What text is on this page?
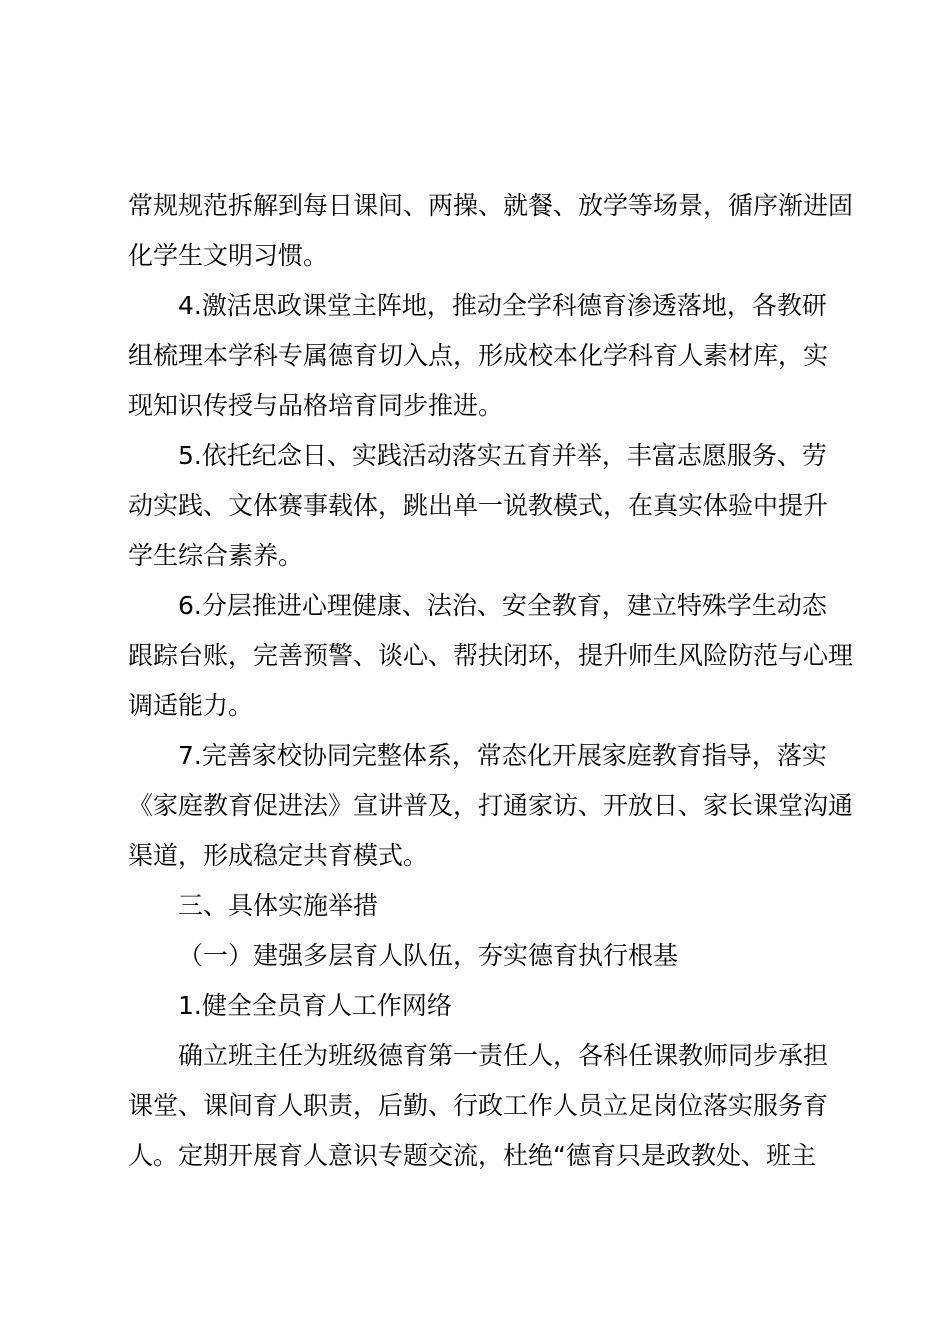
常规规范拆解到每日课间、两操、就餐、放学等场景，循序渐进固
化学生文明习惯。
4.激活思政课堂主阵地，推动全学科德育渗透落地，各教研
组梳理本学科专属德育切入点，形成校本化学科育人素材库，实
现知识传授与品格培育同步推进。
5.依托纪念日、实践活动落实五育并举，丰富志愿服务、劳
动实践、文体赛事载体，跳出单一说教模式，在真实体验中提升
学生综合素养。
6.分层推进心理健康、法治、安全教育，建立特殊学生动态
跟踪台账，完善预警、谈心、帮扶闭环，提升师生风险防范与心理
调适能力。
7.完善家校协同完整体系，常态化开展家庭教育指导，落实
《家庭教育促进法》宣讲普及，打通家访、开放日、家长课堂沟通
渠道，形成稳定共育模式。
三、具体实施举措
（一）建强多层育人队伍，夯实德育执行根基
1.健全全员育人工作网络
确立班主任为班级德育第一责任人，各科任课教师同步承担
课堂、课间育人职责，后勤、行政工作人员立足岗位落实服务育
人。定期开展育人意识专题交流，杜绝“德育只是政教处、班主
